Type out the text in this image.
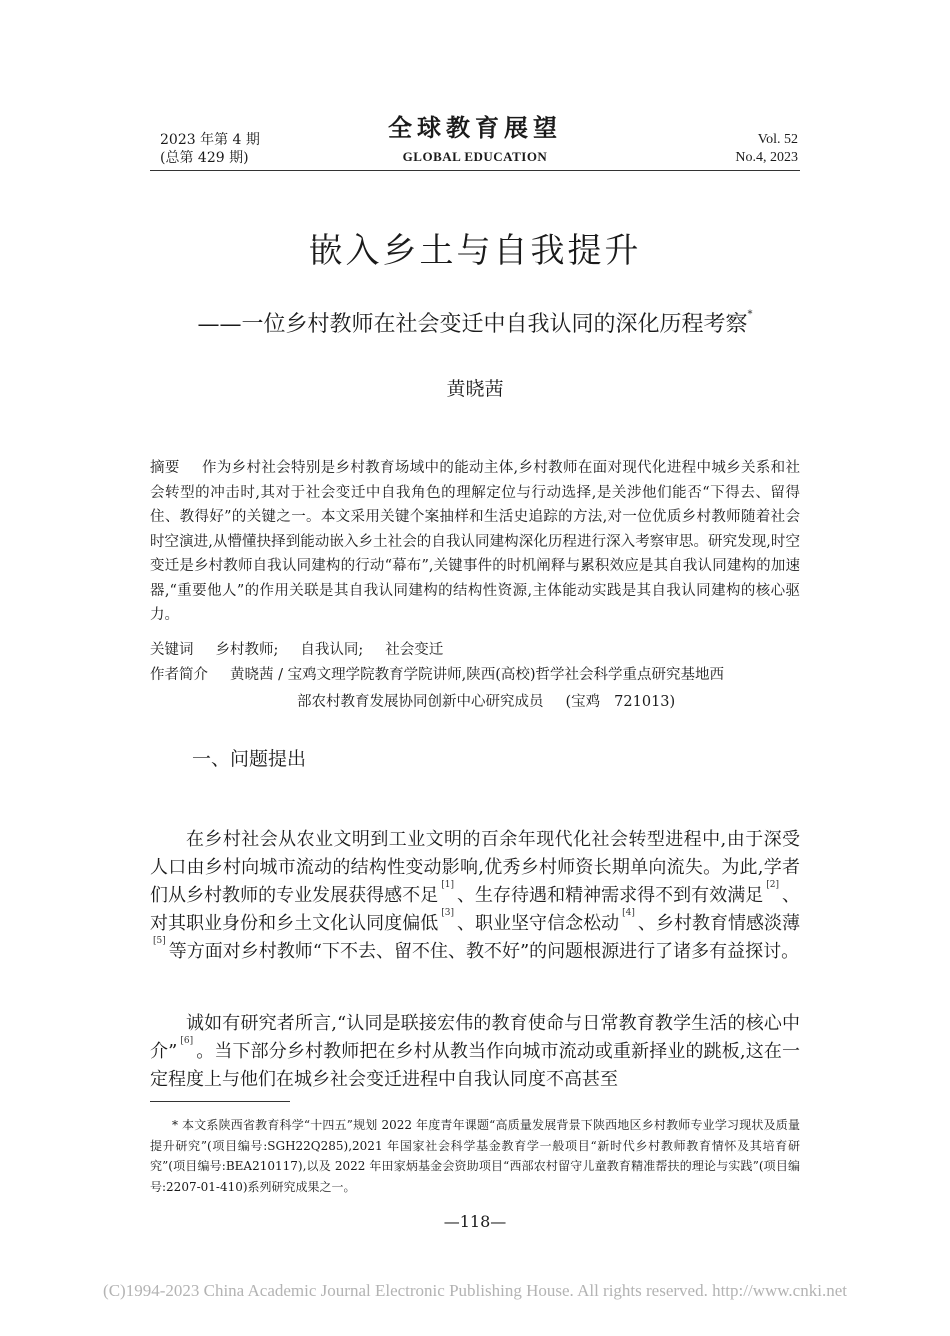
2023 年第 4 期
(总第 429 期)
全球教育展望
GLOBAL EDUCATION
Vol. 52
No.4, 2023
嵌入乡土与自我提升
——一位乡村教师在社会变迁中自我认同的深化历程考察*
黄晓茜
摘要 作为乡村社会特别是乡村教育场域中的能动主体,乡村教师在面对现代化进程中城乡关系和社会转型的冲击时,其对于社会变迁中自我角色的理解定位与行动选择,是关涉他们能否“下得去、留得住、教得好”的关键之一。本文采用关键个案抽样和生活史追踪的方法,对一位优质乡村教师随着社会时空演进,从懵懂抉择到能动嵌入乡土社会的自我认同建构深化历程进行深入考察审思。研究发现,时空变迁是乡村教师自我认同建构的行动“幕布”,关键事件的时机阐释与累积效应是其自我认同建构的加速器,“重要他人”的作用关联是其自我认同建构的结构性资源,主体能动实践是其自我认同建构的核心驱力。
关键词 乡村教师; 自我认同; 社会变迁
作者简介 黄晓茜 / 宝鸡文理学院教育学院讲师,陕西(高校)哲学社会科学重点研究基地西
部农村教育发展协同创新中心研究成员 (宝鸡 721013)
一、问题提出

在乡村社会从农业文明到工业文明的百余年现代化社会转型进程中,由于深受人口由乡村向城市流动的结构性变动影响,优秀乡村师资长期单向流失。为此,学者们从乡村教师的专业发展获得感不足 [1] 、生存待遇和精神需求得不到有效满足 [2] 、对其职业身份和乡土文化认同度偏低 [3] 、职业坚守信念松动 [4] 、乡村教育情感淡薄[5] 等方面对乡村教师“下不去、留不住、教不好”的问题根源进行了诸多有益探讨。

诚如有研究者所言,“认同是联接宏伟的教育使命与日常教育教学生活的核心中介” [6] 。当下部分乡村教师把在乡村从教当作向城市流动或重新择业的跳板,这在一定程度上与他们在城乡社会变迁进程中自我认同度不高甚至

* 本文系陕西省教育科学“十四五”规划 2022 年度青年课题“高质量发展背景下陕西地区乡村教师专业学习现状及质量提升研究”(项目编号:SGH22Q285),2021 年国家社会科学基金教育学一般项目“新时代乡村教师教育情怀及其培育研究”(项目编号:BEA210117),以及 2022 年田家炳基金会资助项目“西部农村留守儿童教育精准帮扶的理论与实践”(项目编号:2207-01-410)系列研究成果之一。
—118—
(C)1994-2023 China Academic Journal Electronic Publishing House. All rights reserved. http://www.cnki.net
